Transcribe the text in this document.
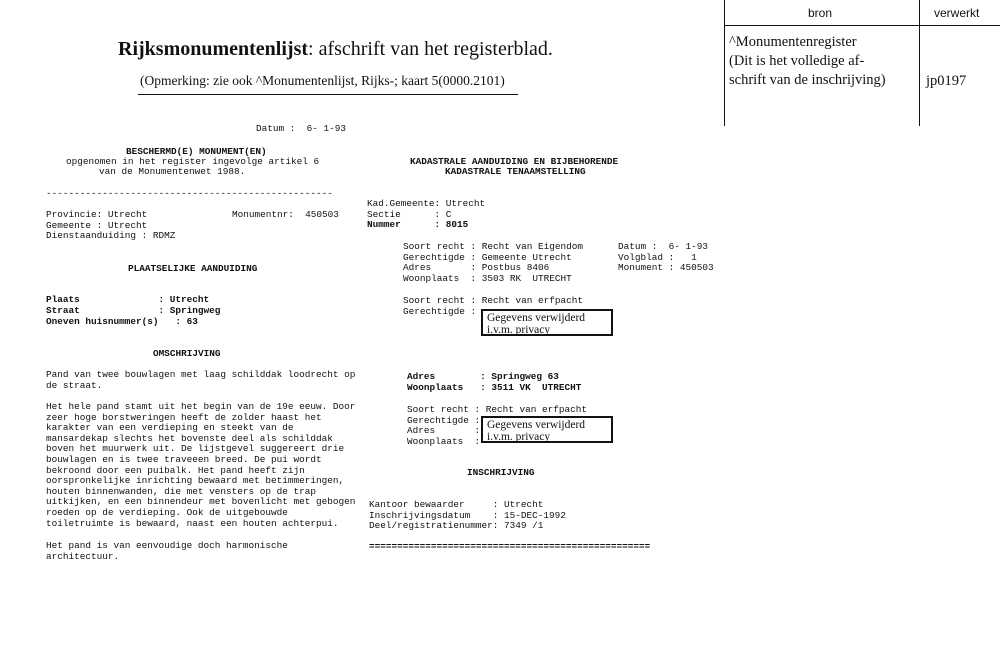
Rijksmonumentenlijst: afschrift van het registerblad.
(Opmerking: zie ook ^Monumentenlijst, Rijks-; kaart 5(0000.2101)
bron	verwerkt
^Monumentenregister
(Dit is het volledige af-
schrift van de inschrijving)	jp0197
Datum :  6- 1-93
BESCHERMD(E) MONUMENT(EN)
opgenomen in het register ingevolge artikel 6
van de Monumentenwet 1988.
---------------------------------------------------
Provincie: Utrecht	Monumentnr:  450503
Gemeente : Utrecht
Dienstaanduiding : RDMZ
PLAATSELIJKE AANDUIDING
Plaats              : Utrecht
Straat              : Springweg
Oneven huisnummer(s)   : 63
OMSCHRIJVING
Pand van twee bouwlagen met laag schilddak loodrecht op
de straat.
Het hele pand stamt uit het begin van de 19e eeuw. Door
zeer hoge borstweringen heeft de zolder haast het
karakter van een verdieping en steekt van de
mansardekap slechts het bovenste deel als schilddak
boven het muurwerk uit. De lijstgevel suggereert drie
bouwlagen en is twee traveeen breed. De pui wordt
bekroond door een puibalk. Het pand heeft zijn
oorspronkelijke inrichting bewaard met betimmeringen,
houten binnenwanden, die met vensters op de trap
uitkijken, en een binnendeur met bovenlicht met gebogen
roeden op de verdieping. Ook de uitgebouwde
toiletruimte is bewaard, naast een houten achterpui.
Het pand is van eenvoudige doch harmonische
architectuur.
KADASTRALE AANDUIDING EN BIJBEHORENDE
KADASTRALE TENAAMSTELLING
Kad.Gemeente: Utrecht
Sectie      : C
Nummer      : 8015
Soort recht : Recht van Eigendom
Gerechtigde : Gemeente Utrecht
Adres       : Postbus 8406
Woonplaats  : 3503 RK  UTRECHT
Datum :  6- 1-93
Volgblad :   1
Monument : 450503
Soort recht : Recht van erfpacht
Gerechtigde :
Gegevens verwijderd i.v.m. privacy
Adres        : Springweg 63
Woonplaats   : 3511 VK  UTRECHT
Soort recht : Recht van erfpacht
Gerechtigde :
Adres       :
Woonplaats  :
Gegevens verwijderd i.v.m. privacy
INSCHRIJVING
Kantoor bewaarder     : Utrecht
Inschrijvingsdatum    : 15-DEC-1992
Deel/registratienummer: 7349 /1
==================================================
